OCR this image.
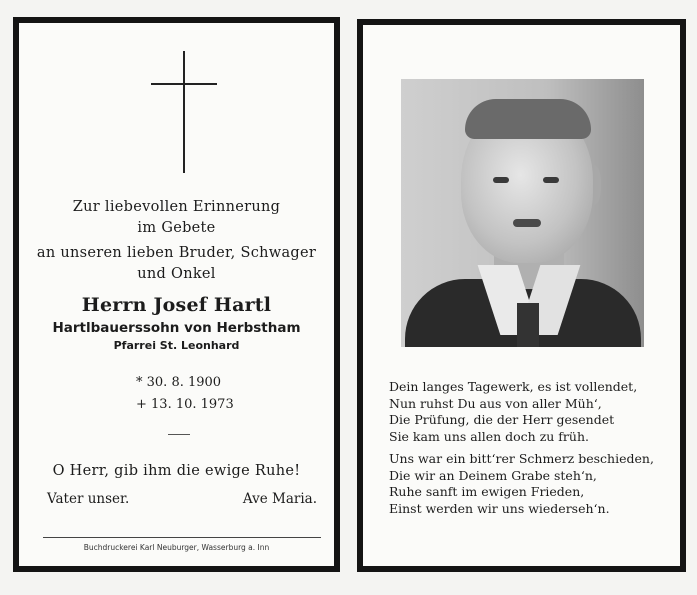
Zur liebevollen Erinnerung
im Gebete
an unseren lieben Bruder, Schwager
und Onkel
Herrn Josef Hartl
Hartlbauerssohn von Herbstham
Pfarrei St. Leonhard
* 30. 8. 1900
+ 13. 10. 1973
O Herr, gib ihm die ewige Ruhe!
Vater unser.	Ave Maria.
Buchdruckerei Karl Neuburger, Wasserburg a. Inn
Dein langes Tagewerk, es ist vollendet,
Nun ruhst Du aus von aller Müh‘,
Die Prüfung, die der Herr gesendet
Sie kam uns allen doch zu früh.
Uns war ein bitt‘rer Schmerz beschieden,
Die wir an Deinem Grabe steh‘n,
Ruhe sanft im ewigen Frieden,
Einst werden wir uns wiederseh‘n.
